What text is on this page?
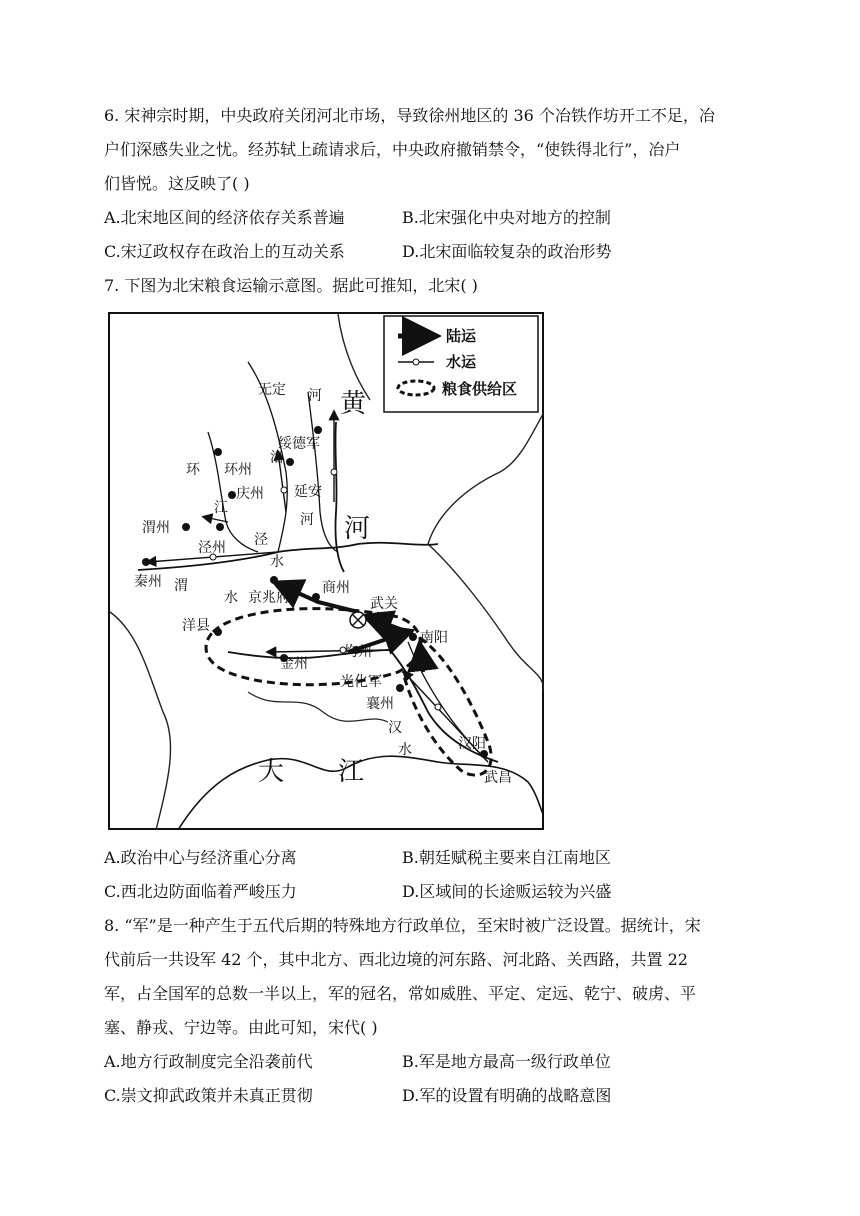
6. 宋神宗时期，中央政府关闭河北市场，导致徐州地区的 36 个冶铁作坊开工不足，冶
户们深感失业之忧。经苏轼上疏请求后，中央政府撤销禁令，“使铁得北行”，冶户
们皆悦。这反映了( )
A.北宋地区间的经济依存关系普遍	B.北宋强化中央对地方的控制
C.宋辽政权存在政治上的互动关系	D.北宋面临较复杂的政治形势
7. 下图为北宋粮食运输示意图。据此可推知，北宋( )
陆运
水运
粮食供给区
无定 河 黄
绥德军
环 环州
洛
庆州 延安
江
河
渭州
泾州 泾	河
水
秦州 渭
水 京兆府
商州
武关
南阳
洋县
均州
金州
光化军
襄州
汉
水	汉阳
武昌
大 江
A.政治中心与经济重心分离	B.朝廷赋税主要来自江南地区
C.西北边防面临着严峻压力	D.区域间的长途贩运较为兴盛
8. “军”是一种产生于五代后期的特殊地方行政单位，至宋时被广泛设置。据统计，宋
代前后一共设军 42 个，其中北方、西北边境的河东路、河北路、关西路，共置 22
军，占全国军的总数一半以上，军的冠名，常如威胜、平定、定远、乾宁、破虏、平
塞、静戎、宁边等。由此可知，宋代( )
A.地方行政制度完全沿袭前代	B.军是地方最高一级行政单位
C.崇文抑武政策并未真正贯彻	D.军的设置有明确的战略意图
